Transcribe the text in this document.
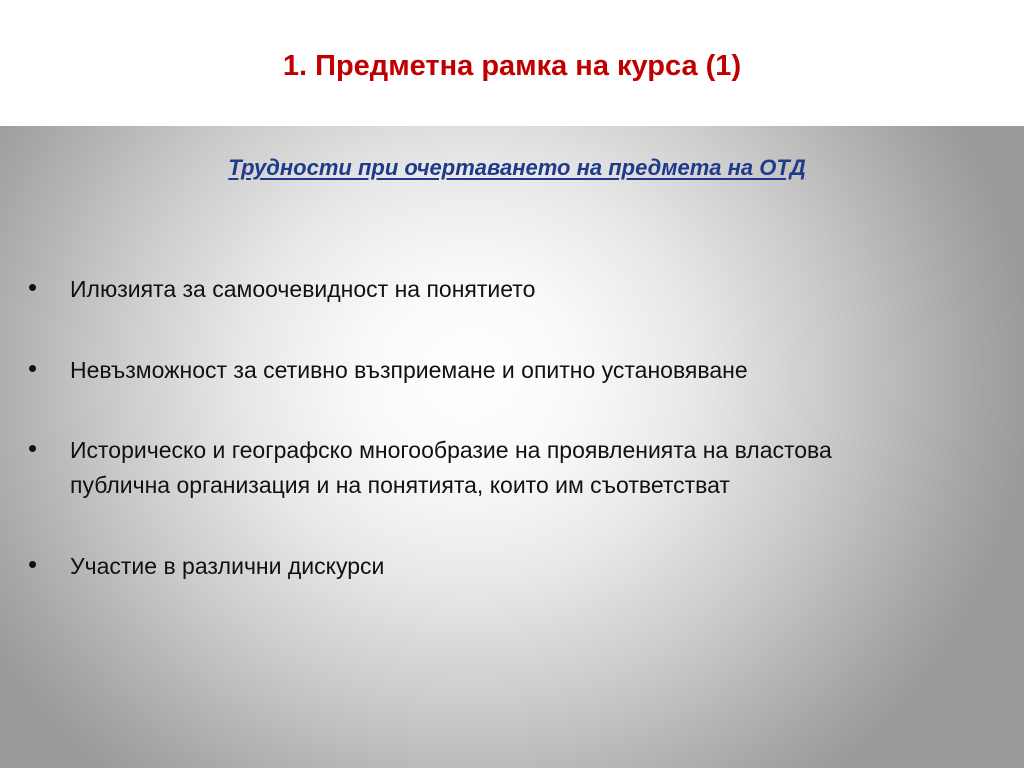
1. Предметна рамка на курса (1)
Трудности при очертаването на предмета на ОТД
• Илюзията за самоочевидност на понятието
• Невъзможност за сетивно възприемане и опитно установяване
• Историческо и географско многообразие на проявленията на властова публична организация и на понятията, които им съответстват
• Участие в различни дискурси
